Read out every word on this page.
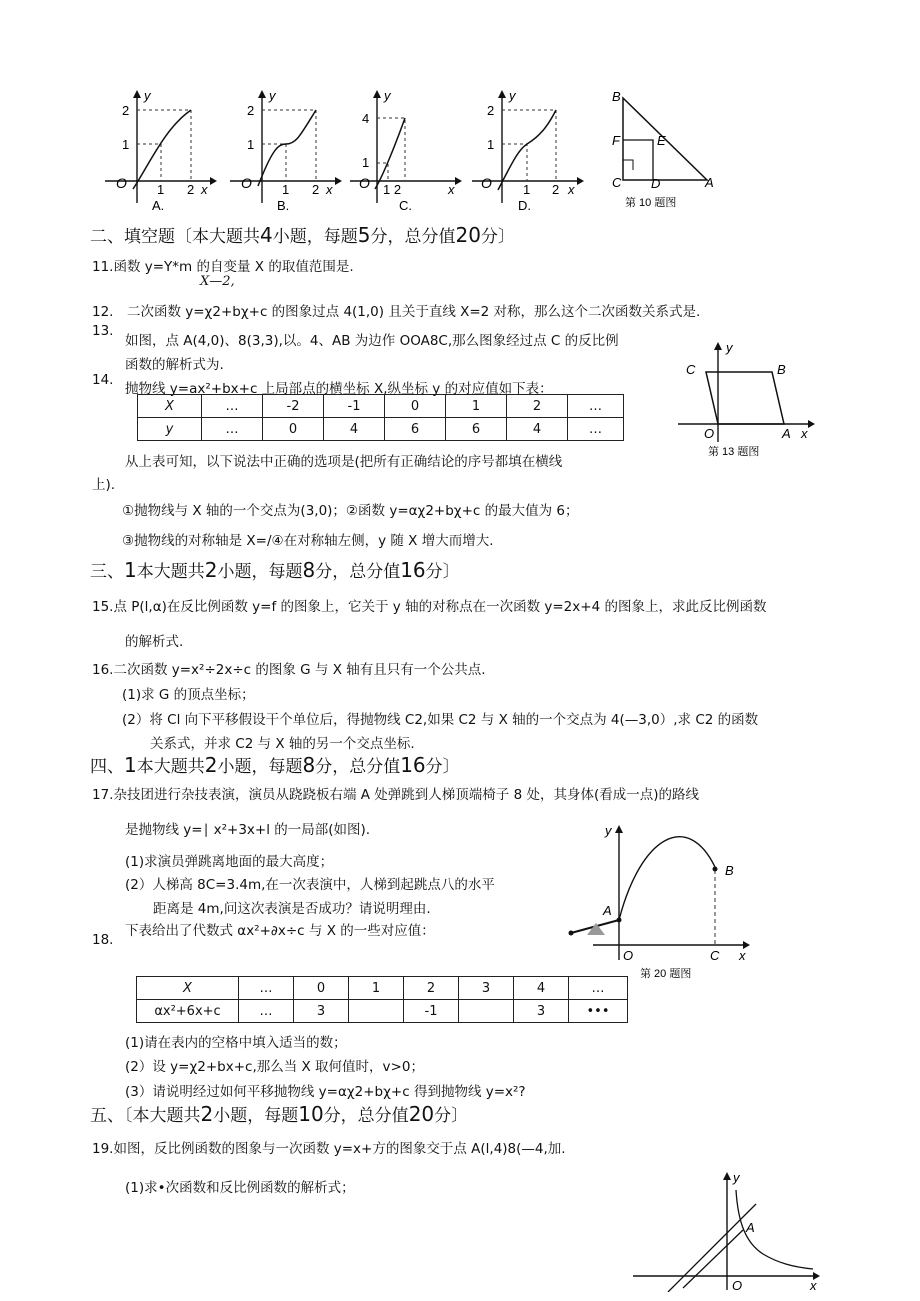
y
2
1
O 1 2 x
A.
y
2
1
O 1 2 x
B.
y
4
1
O 1 2	x
C.
y
2
1
O 1 2 x
D.
B
F	E
C D	A
第 10 题图
二、填空题〔本大题共4小题，每题5分，总分值20分〕
11.函数 y=Y*m 的自变量 X 的取值范围是.
X—2,
12.　二次函数 y=χ2+bχ+c 的图象过点 4(1,0) 且关于直线 X=2 对称，那么这个二次函数关系式是.
13.
如图，点 A(4,0)、8(3,3),以。4、AB 为边作 OOA8C,那么图象经过点 C 的反比例
函数的解析式为.
y
C	B
O	A x
第 13 题图
14.
抛物线 y=ax²+bx+c 上局部点的横坐标 X,纵坐标 y 的对应值如下表：
X	…	-2	-1	0	1	2	…
y	…	0	4	6	6	4	…
从上表可知，以下说法中正确的选项是(把所有正确结论的序号都填在横线
上).
①抛物线与 X 轴的一个交点为(3,0)；②函数 y=αχ2+bχ+c 的最大值为 6；
③抛物线的对称轴是 X=/④在对称轴左侧，y 随 X 增大而增大.
三、1本大题共2小题，每题8分，总分值16分〕
15.点 P(l,α)在反比例函数 y=f 的图象上，它关于 y 轴的对称点在一次函数 y=2x+4 的图象上，求此反比例函数
的解析式.
16.二次函数 y=x²÷2x÷c 的图象 G 与 X 轴有且只有一个公共点.
(1)求 G 的顶点坐标；
(2）将 Cl 向下平移假设干个单位后，得抛物线 C2,如果 C2 与 X 轴的一个交点为 4(—3,0）,求 C2 的函数
关系式，并求 C2 与 X 轴的另一个交点坐标.
四、1本大题共2小题，每题8分，总分值16分〕
17.杂技团进行杂技表演，演员从跷跷板右端 A 处弹跳到人梯顶端椅子 8 处，其身体(看成一点)的路线
是抛物线 y=∣ x²+3x+l 的一局部(如图).
(1)求演员弹跳离地面的最大高度；
(2）人梯高 8C=3.4m,在一次表演中，人梯到起跳点八的水平
距离是 4m,问这次表演是否成功？请说明理由.
y
B
A
O	C x
第 20 题图
18.
下表给出了代数式 αx²+∂x÷c 与 X 的一些对应值：
X	…	0	1	2	3	4	…
αx²+6x+c	…	3		-1		3	•••
(1)请在表内的空格中填入适当的数；
(2）设 y=χ2+bx+c,那么当 X 取何值时，v>0；
(3）请说明经过如何平移抛物线 y=αχ2+bχ+c 得到抛物线 y=x²?
五、〔本大题共2小题，每题10分，总分值20分〕
19.如图，反比例函数的图象与一次函数 y=x+方的图象交于点 A(l,4)8(—4,加.
(1)求•次函数和反比例函数的解析式；
y
A
O	x
